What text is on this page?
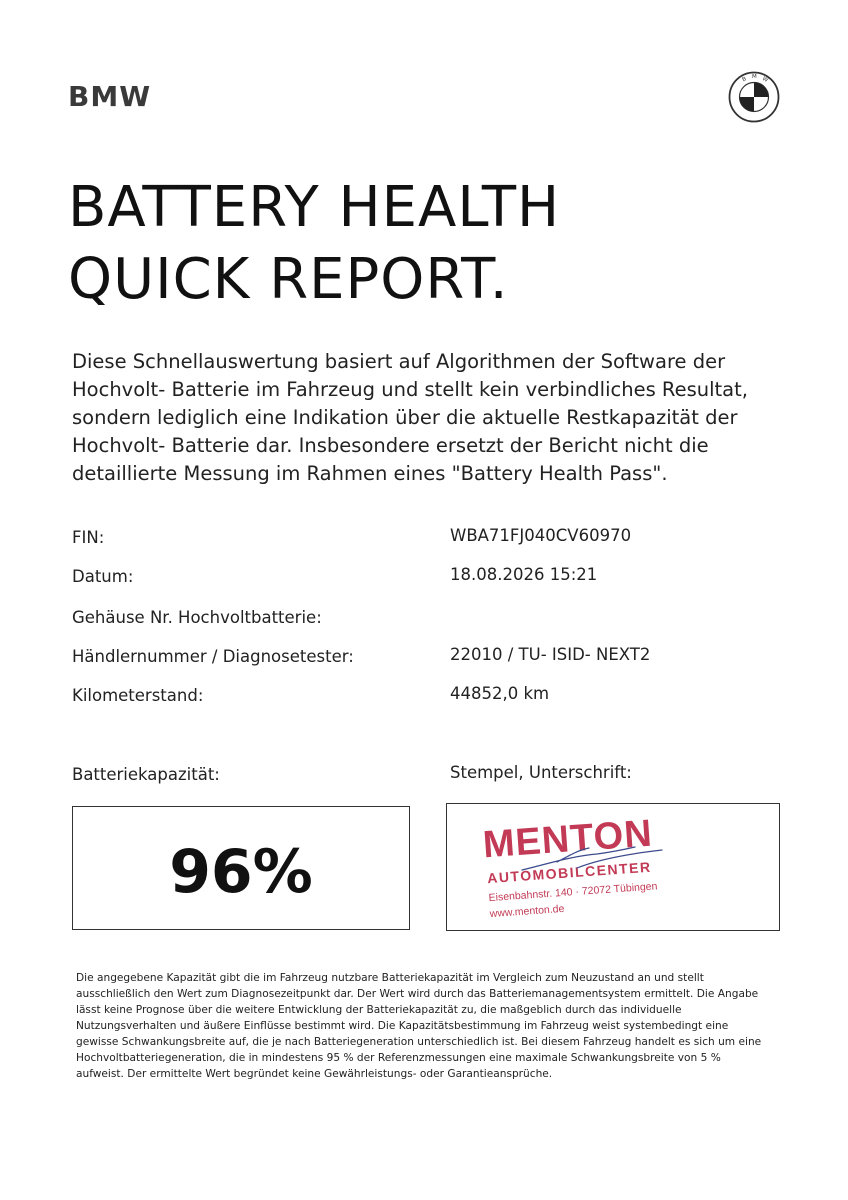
BMW
B M W
BATTERY HEALTH
QUICK REPORT.

Diese Schnellauswertung basiert auf Algorithmen der Software der Hochvolt- Batterie im Fahrzeug und stellt kein verbindliches Resultat, sondern lediglich eine Indikation über die aktuelle Restkapazität der Hochvolt- Batterie dar. Insbesondere ersetzt der Bericht nicht die detaillierte Messung im Rahmen eines "Battery Health Pass".

FIN:	WBA71FJ040CV60970
Datum:	18.08.2026 15:21
Gehäuse Nr. Hochvoltbatterie:
Händlernummer / Diagnosetester:	22010 / TU- ISID- NEXT2
Kilometerstand:	44852,0 km
Batteriekapazität:	Stempel, Unterschrift:
96%	MENTON
AUTOMOBILCENTER
Eisenbahnstr. 140 · 72072 Tübingen
www.menton.de

Die angegebene Kapazität gibt die im Fahrzeug nutzbare Batteriekapazität im Vergleich zum Neuzustand an und stellt ausschließlich den Wert zum Diagnosezeitpunkt dar. Der Wert wird durch das Batteriemanagementsystem ermittelt. Die Angabe lässt keine Prognose über die weitere Entwicklung der Batteriekapazität zu, die maßgeblich durch das individuelle Nutzungsverhalten und äußere Einflüsse bestimmt wird. Die Kapazitätsbestimmung im Fahrzeug weist systembedingt eine gewisse Schwankungsbreite auf, die je nach Batteriegeneration unterschiedlich ist. Bei diesem Fahrzeug handelt es sich um eine Hochvoltbatteriegeneration, die in mindestens 95 % der Referenzmessungen eine maximale Schwankungsbreite von 5 % aufweist. Der ermittelte Wert begründet keine Gewährleistungs- oder Garantieansprüche.
